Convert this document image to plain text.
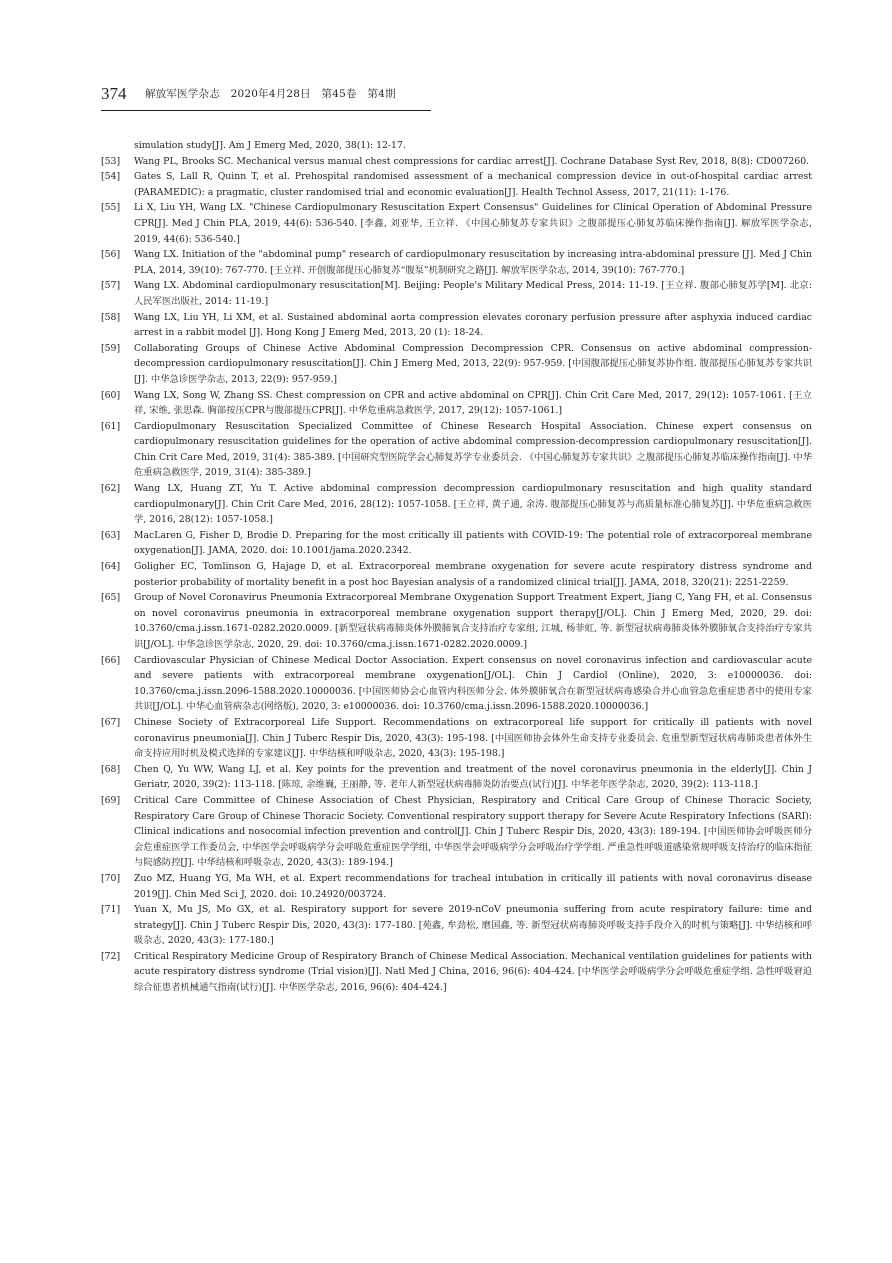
374 解放军医学杂志　2020年4月28日　第45卷　第4期
simulation study[J]. Am J Emerg Med, 2020, 38(1): 12-17.
[53] Wang PL, Brooks SC. Mechanical versus manual chest compressions for cardiac arrest[J]. Cochrane Database Syst Rev, 2018, 8(8): CD007260.
[54] Gates S, Lall R, Quinn T, et al. Prehospital randomised assessment of a mechanical compression device in out-of-hospital cardiac arrest (PARAMEDIC): a pragmatic, cluster randomised trial and economic evaluation[J]. Health Technol Assess, 2017, 21(11): 1-176.
[55] Li X, Liu YH, Wang LX. "Chinese Cardiopulmonary Resuscitation Expert Consensus" Guidelines for Clinical Operation of Abdominal Pressure CPR[J]. Med J Chin PLA, 2019, 44(6): 536-540. [李鑫, 刘亚华, 王立祥. 《中国心肺复苏专家共识》之腹部提压心肺复苏临床操作指南[J]. 解放军医学杂志, 2019, 44(6): 536-540.]
[56] Wang LX. Initiation of the "abdominal pump" research of cardiopulmonary resuscitation by increasing intra-abdominal pressure [J]. Med J Chin PLA, 2014, 39(10): 767-770. [王立祥. 开创腹部提压心肺复苏“腹泵”机制研究之路[J]. 解放军医学杂志, 2014, 39(10): 767-770.]
[57] Wang LX. Abdominal cardiopulmonary resuscitation[M]. Beijing: People's Military Medical Press, 2014: 11-19. [王立祥. 腹部心肺复苏学[M]. 北京: 人民军医出版社, 2014: 11-19.]
[58] Wang LX, Liu YH, Li XM, et al. Sustained abdominal aorta compression elevates coronary perfusion pressure after asphyxia induced cardiac arrest in a rabbit model [J]. Hong Kong J Emerg Med, 2013, 20 (1): 18-24.
[59] Collaborating Groups of Chinese Active Abdominal Compression Decompression CPR. Consensus on active abdominal compression-decompression cardiopulmonary resuscitation[J]. Chin J Emerg Med, 2013, 22(9): 957-959. [中国腹部提压心肺复苏协作组. 腹部提压心肺复苏专家共识[J]. 中华急诊医学杂志, 2013, 22(9): 957-959.]
[60] Wang LX, Song W, Zhang SS. Chest compression on CPR and active abdominal on CPR[J]. Chin Crit Care Med, 2017, 29(12): 1057-1061. [王立祥, 宋维, 张思森. 胸部按压CPR与腹部提压CPR[J]. 中华危重病急救医学, 2017, 29(12): 1057-1061.]
[61] Cardiopulmonary Resuscitation Specialized Committee of Chinese Research Hospital Association. Chinese expert consensus on cardiopulmonary resuscitation guidelines for the operation of active abdominal compression-decompression cardiopulmonary resuscitation[J]. Chin Crit Care Med, 2019, 31(4): 385-389. [中国研究型医院学会心肺复苏学专业委员会. 《中国心肺复苏专家共识》之腹部提压心肺复苏临床操作指南[J]. 中华危重病急救医学, 2019, 31(4): 385-389.]
[62] Wang LX, Huang ZT, Yu T. Active abdominal compression decompression cardiopulmonary resuscitation and high quality standard cardiopulmonary[J]. Chin Crit Care Med, 2016, 28(12): 1057-1058. [王立祥, 黄子通, 余涛. 腹部提压心肺复苏与高质量标准心肺复苏[J]. 中华危重病急救医学, 2016, 28(12): 1057-1058.]
[63] MacLaren G, Fisher D, Brodie D. Preparing for the most critically ill patients with COVID-19: The potential role of extracorporeal membrane oxygenation[J]. JAMA, 2020. doi: 10.1001/jama.2020.2342.
[64] Goligher EC, Tomlinson G, Hajage D, et al. Extracorporeal membrane oxygenation for severe acute respiratory distress syndrome and posterior probability of mortality benefit in a post hoc Bayesian analysis of a randomized clinical trial[J]. JAMA, 2018, 320(21): 2251-2259.
[65] Group of Novel Coronavirus Pneumonia Extracorporeal Membrane Oxygenation Support Treatment Expert, Jiang C, Yang FH, et al. Consensus on novel coronavirus pneumonia in extracorporeal membrane oxygenation support therapy[J/OL]. Chin J Emerg Med, 2020, 29. doi: 10.3760/cma.j.issn.1671-0282.2020.0009. [新型冠状病毒肺炎体外膜肺氧合支持治疗专家组, 江城, 杨菲虹, 等. 新型冠状病毒肺炎体外膜肺氧合支持治疗专家共识[J/OL]. 中华急诊医学杂志, 2020, 29. doi: 10.3760/cma.j.issn.1671-0282.2020.0009.]
[66] Cardiovascular Physician of Chinese Medical Doctor Association. Expert consensus on novel coronavirus infection and cardiovascular acute and severe patients with extracorporeal membrane oxygenation[J/OL]. Chin J Cardiol (Online), 2020, 3: e10000036. doi: 10.3760/cma.j.issn.2096-1588.2020.10000036. [中国医师协会心血管内科医师分会. 体外膜肺氧合在新型冠状病毒感染合并心血管急危重症患者中的使用专家共识[J/OL]. 中华心血管病杂志(网络版), 2020, 3: e10000036. doi: 10.3760/cma.j.issn.2096-1588.2020.10000036.]
[67] Chinese Society of Extracorporeal Life Support. Recommendations on extracorporeal life support for critically ill patients with novel coronavirus pneumonia[J]. Chin J Tuberc Respir Dis, 2020, 43(3): 195-198. [中国医师协会体外生命支持专业委员会. 危重型新型冠状病毒肺炎患者体外生命支持应用时机及模式选择的专家建议[J]. 中华结核和呼吸杂志, 2020, 43(3): 195-198.]
[68] Chen Q, Yu WW, Wang LJ, et al. Key points for the prevention and treatment of the novel coronavirus pneumonia in the elderly[J]. Chin J Geriatr, 2020, 39(2): 113-118. [陈琼, 余维巍, 王丽静, 等. 老年人新型冠状病毒肺炎防治要点(试行)[J]. 中华老年医学杂志, 2020, 39(2): 113-118.]
[69] Critical Care Committee of Chinese Association of Chest Physician, Respiratory and Critical Care Group of Chinese Thoracic Society, Respiratory Care Group of Chinese Thoracic Society. Conventional respiratory support therapy for Severe Acute Respiratory Infections (SARI): Clinical indications and nosocomial infection prevention and control[J]. Chin J Tuberc Respir Dis, 2020, 43(3): 189-194. [中国医师协会呼吸医师分会危重症医学工作委员会, 中华医学会呼吸病学分会呼吸危重症医学学组, 中华医学会呼吸病学分会呼吸治疗学学组. 严重急性呼吸道感染常规呼吸支持治疗的临床指征与院感防控[J]. 中华结核和呼吸杂志, 2020, 43(3): 189-194.]
[70] Zuo MZ, Huang YG, Ma WH, et al. Expert recommendations for tracheal intubation in critically ill patients with noval coronavirus disease 2019[J]. Chin Med Sci J, 2020. doi: 10.24920/003724.
[71] Yuan X, Mu JS, Mo GX, et al. Respiratory support for severe 2019-nCoV pneumonia suffering from acute respiratory failure: time and strategy[J]. Chin J Tuberc Respir Dis, 2020, 43(3): 177-180. [苑鑫, 牟劲松, 磨国鑫, 等. 新型冠状病毒肺炎呼吸支持手段介入的时机与策略[J]. 中华结核和呼吸杂志, 2020, 43(3): 177-180.]
[72] Critical Respiratory Medicine Group of Respiratory Branch of Chinese Medical Association. Mechanical ventilation guidelines for patients with acute respiratory distress syndrome (Trial vision)[J]. Natl Med J China, 2016, 96(6): 404-424. [中华医学会呼吸病学分会呼吸危重症学组. 急性呼吸窘迫综合征患者机械通气指南(试行)[J]. 中华医学杂志, 2016, 96(6): 404-424.]
